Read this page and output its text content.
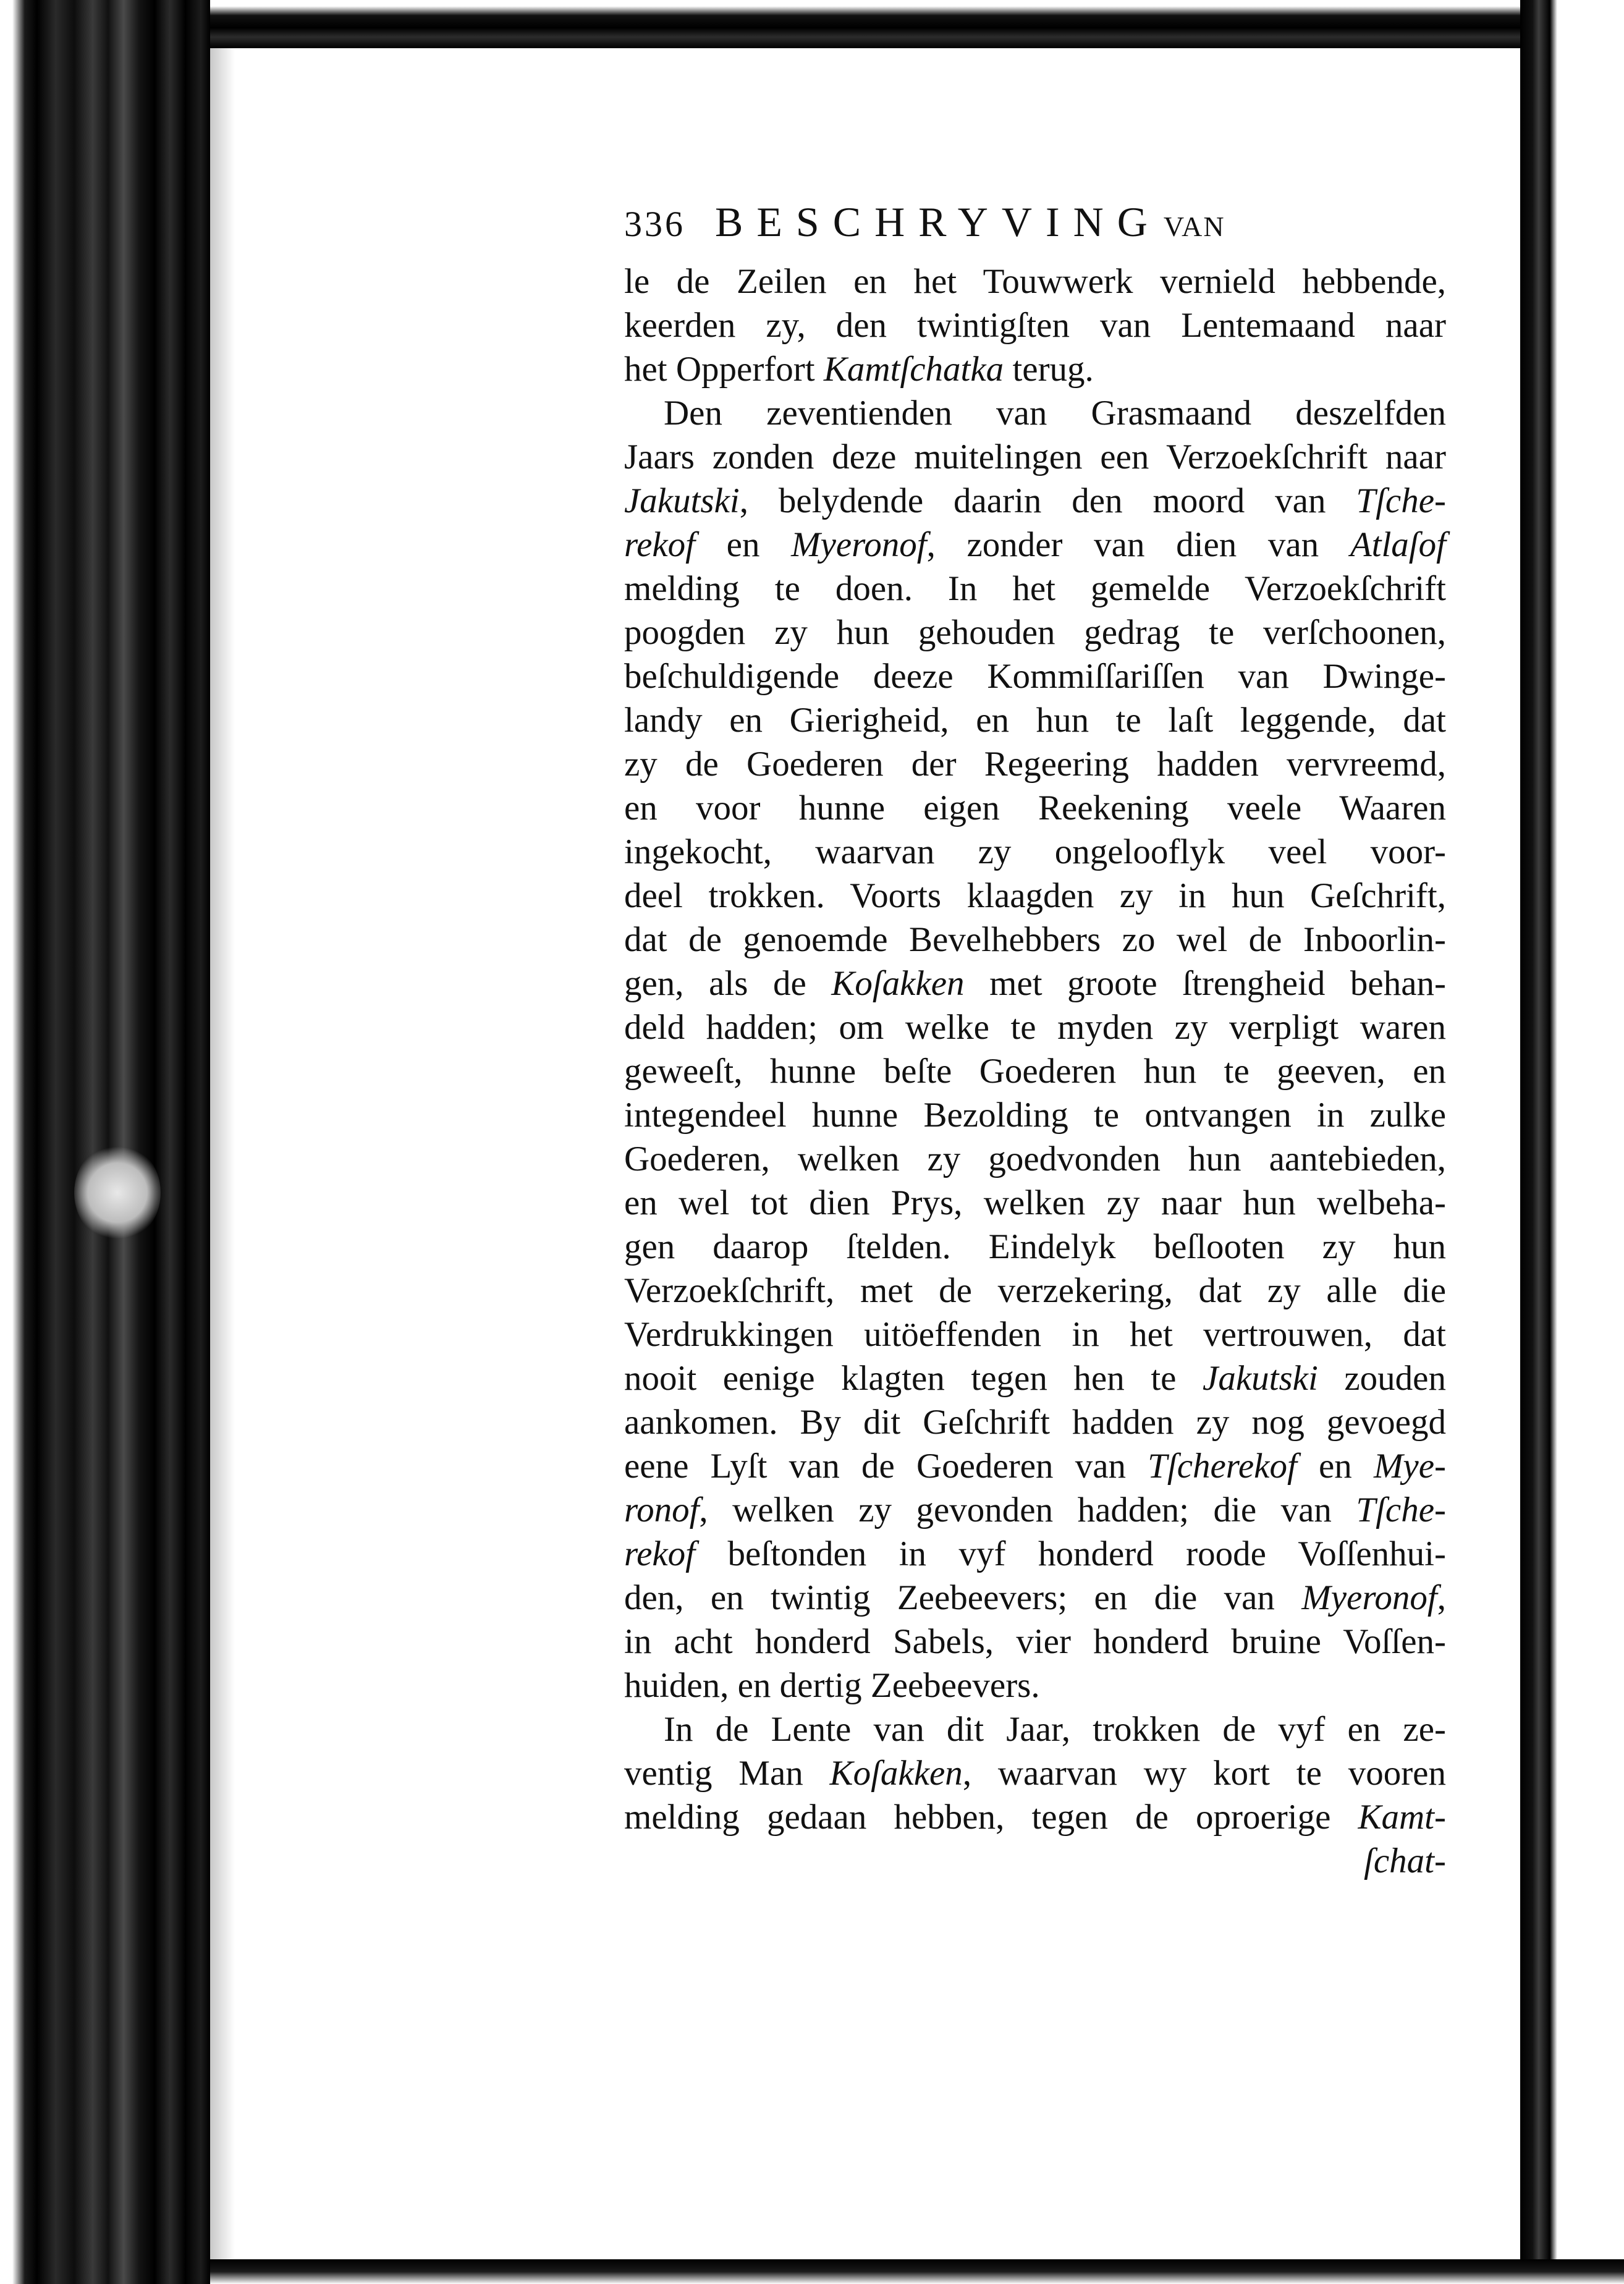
336 BESCHRYVINGVAN
le de Zeilen en het Touwwerk vernield hebbende,
keerden zy, den twintigſten van Lentemaand naar
het Opperfort Kamtſchatka terug.
Den zeventienden van Grasmaand deszelfden
Jaars zonden deze muitelingen een Verzoekſchrift naar
Jakutski, belydende daarin den moord van Tſche-
rekof en Myeronof, zonder van dien van Atlaſof
melding te doen. In het gemelde Verzoekſchrift
poogden zy hun gehouden gedrag te verſchoonen,
beſchuldigende deeze Kommiſſariſſen van Dwinge-
landy en Gierigheid, en hun te laſt leggende, dat
zy de Goederen der Regeering hadden vervreemd,
en voor hunne eigen Reekening veele Waaren
ingekocht, waarvan zy ongelooflyk veel voor-
deel trokken. Voorts klaagden zy in hun Geſchrift,
dat de genoemde Bevelhebbers zo wel de Inboorlin-
gen, als de Koſakken met groote ſtrengheid behan-
deld hadden; om welke te myden zy verpligt waren
geweeſt, hunne beſte Goederen hun te geeven, en
integendeel hunne Bezolding te ontvangen in zulke
Goederen, welken zy goedvonden hun aantebieden,
en wel tot dien Prys, welken zy naar hun welbeha-
gen daarop ſtelden. Eindelyk beſlooten zy hun
Verzoekſchrift, met de verzekering, dat zy alle die
Verdrukkingen uitöeffenden in het vertrouwen, dat
nooit eenige klagten tegen hen te Jakutski zouden
aankomen. By dit Geſchrift hadden zy nog gevoegd
eene Lyſt van de Goederen van Tſcherekof en Mye-
ronof, welken zy gevonden hadden; die van Tſche-
rekof beſtonden in vyf honderd roode Voſſenhui-
den, en twintig Zeebeevers; en die van Myeronof,
in acht honderd Sabels, vier honderd bruine Voſſen-
huiden, en dertig Zeebeevers.
In de Lente van dit Jaar, trokken de vyf en ze-
ventig Man Koſakken, waarvan wy kort te vooren
melding gedaan hebben, tegen de oproerige Kamt-
ſchat-
